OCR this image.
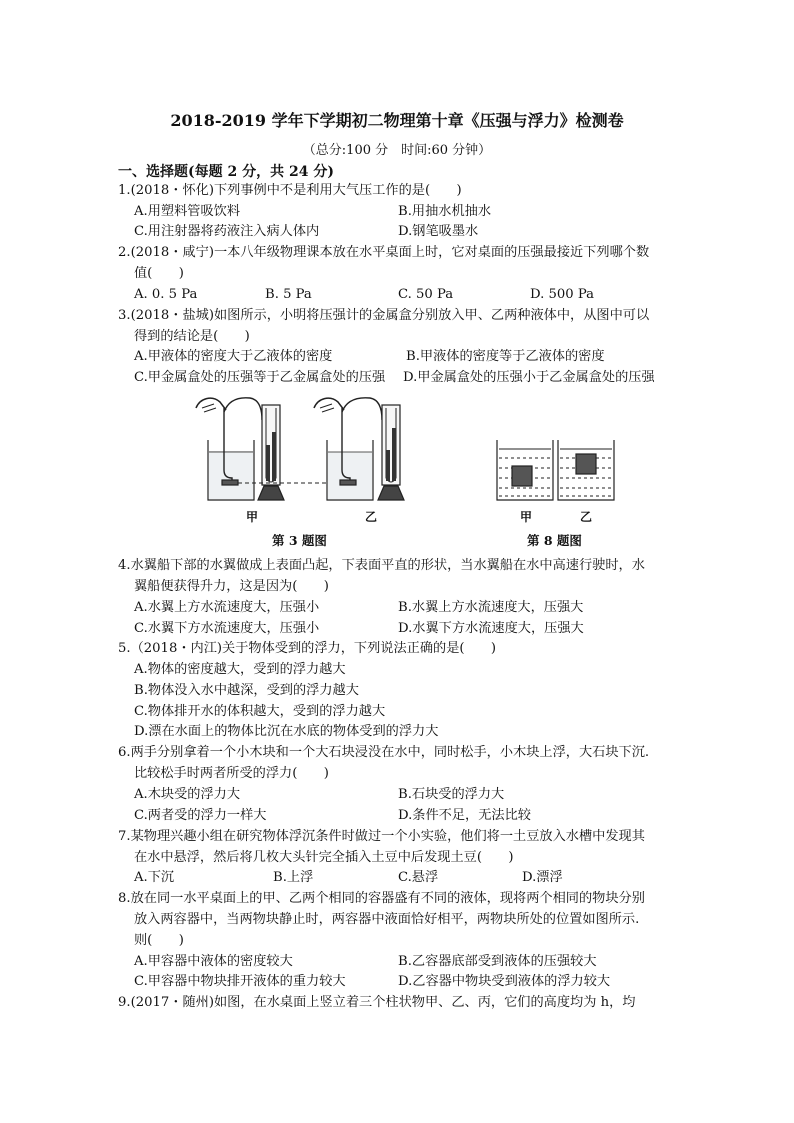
2018-2019 学年下学期初二物理第十章《压强与浮力》检测卷
（总分:100 分　时间:60 分钟）
一、选择题(每题 2 分，共 24 分)
1.(2018・怀化)下列事例中不是利用大气压工作的是(　　)
A.用塑料管吸饮料	B.用抽水机抽水
C.用注射器将药液注入病人体内	D.钢笔吸墨水
2.(2018・咸宁)一本八年级物理课本放在水平桌面上时，它对桌面的压强最接近下列哪个数
值(　　)
A. 0. 5 Pa	B. 5 Pa	C. 50 Pa	D. 500 Pa
3.(2018・盐城)如图所示，小明将压强计的金属盒分别放入甲、乙两种液体中，从图中可以
得到的结论是(　　)
A.甲液体的密度大于乙液体的密度	B.甲液体的密度等于乙液体的密度
C.甲金属盒处的压强等于乙金属盒处的压强 D.甲金属盒处的压强小于乙金属盒处的压强
甲	乙
第 3 题图
甲	乙
第 8 题图
4.水翼船下部的水翼做成上表面凸起，下表面平直的形状，当水翼船在水中高速行驶时，水
翼船便获得升力，这是因为(　　)
A.水翼上方水流速度大，压强小	B.水翼上方水流速度大，压强大
C.水翼下方水流速度大，压强小	D.水翼下方水流速度大，压强大
5.（2018・内江)关于物体受到的浮力，下列说法正确的是(　　)
A.物体的密度越大，受到的浮力越大
B.物体没入水中越深，受到的浮力越大
C.物体排开水的体积越大，受到的浮力越大
D.漂在水面上的物体比沉在水底的物体受到的浮力大
6.两手分别拿着一个小木块和一个大石块浸没在水中，同时松手，小木块上浮，大石块下沉.
比较松手时两者所受的浮力(　　)
A.木块受的浮力大	B.石块受的浮力大
C.两者受的浮力一样大	D.条件不足，无法比较
7.某物理兴趣小组在研究物体浮沉条件时做过一个小实验，他们将一土豆放入水槽中发现其
在水中悬浮，然后将几枚大头针完全插入土豆中后发现土豆(　　)
A.下沉	B.上浮	C.悬浮	D.漂浮
8.放在同一水平桌面上的甲、乙两个相同的容器盛有不同的液体，现将两个相同的物块分别
放入两容器中，当两物块静止时，两容器中液面恰好相平，两物块所处的位置如图所示.
则(　　)
A.甲容器中液体的密度较大	B.乙容器底部受到液体的压强较大
C.甲容器中物块排开液体的重力较大	D.乙容器中物块受到液体的浮力较大
9.(2017・随州)如图，在水桌面上竖立着三个柱状物甲、乙、丙，它们的高度均为 h，均
